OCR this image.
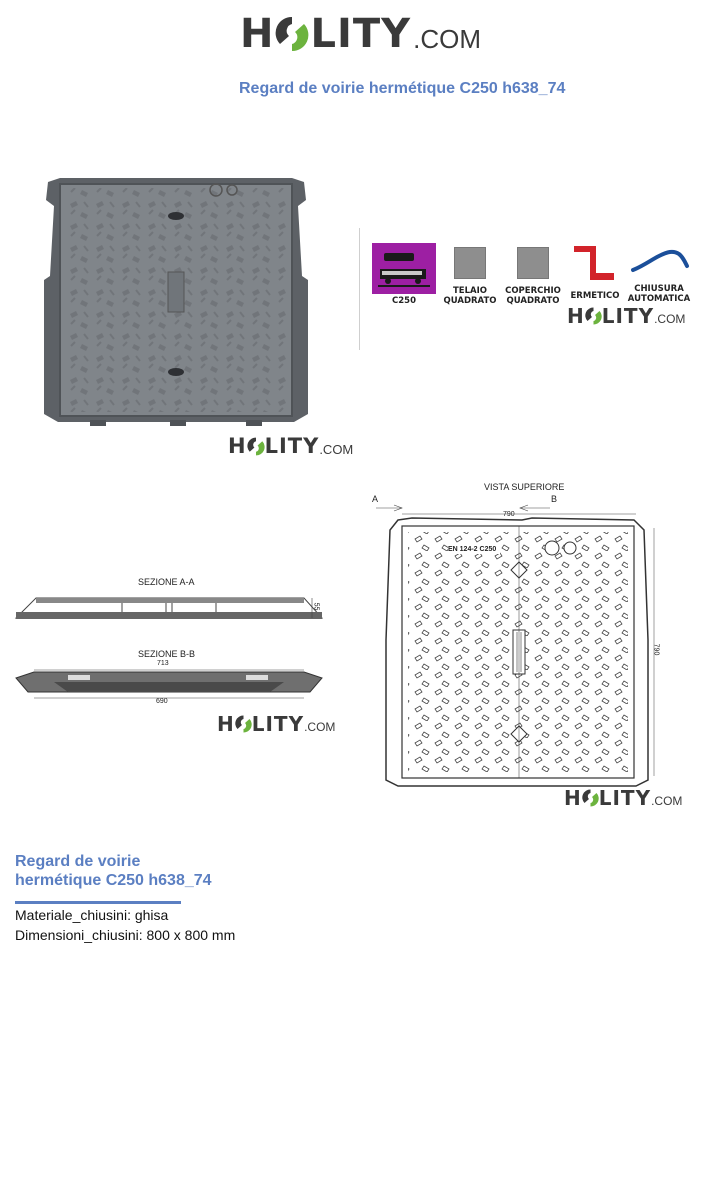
H LITY .COM
Regard de voirie hermétique C250 h638_74
H LITY .COM
C250
TELAIO
QUADRATO
COPERCHIO
QUADRATO ERMETICO
CHIUSURA
AUTOMATICA
H LITY .COM
SEZIONE A-A
55
SEZIONE B-B
713
690
H LITY .COM
VISTA SUPERIORE
A	B
790
790
EN 124-2 C250
H LITY .COM
Regard de voirie
hermétique C250 h638_74
Materiale_chiusini: ghisa
Dimensioni_chiusini: 800 x 800 mm
